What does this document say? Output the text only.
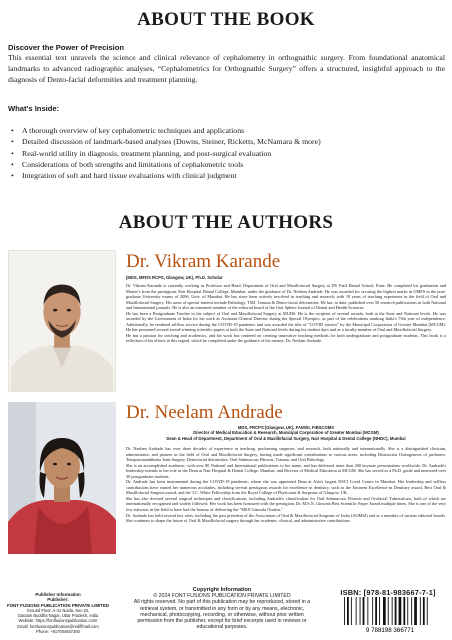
ABOUT THE BOOK
Discover the Power of Precision
This essential text unravels the science and clinical relevance of cephalometry in orthognathic surgery. From foundational anatomical landmarks to advanced radiographic analyses, “Cephalometrics for Orthognathic Surgery” offers a structured, insightful approach to the diagnosis of Dento-facial deformities and treatment planning.
What's Inside:
• A thorough overview of key cephalometric techniques and applications
• Detailed discussion of landmark-based analyses (Downs, Steiner, Ricketts, McNamara & more)
• Real-world utility in diagnosis, treatment planning, and post-surgical evaluation
• Considerations of both strengths and limitations of cephalometric tools
• Integration of soft and hard tissue evaluations with clinical judgment
ABOUT THE AUTHORS
Dr. Vikram Karande
(MDS, MFDS RCPS, Glasgow, UK), Ph.D. Scholar

Dr. Vikram Karande is currently working as Professor and Head, Department of Oral and Maxillofacial Surgery at DY Patil Dental School, Pune. He completed his graduation and Master's from the prestigious Nair Hospital Dental College, Mumbai, under the guidance of Dr. Neelam Andrade. He was awarded for securing the highest marks in OMFS in the post-graduate University exams of 2006, Univ. of Mumbai. He has since been actively involved in teaching and research, with 18 years of teaching experience in the field of Oral and Maxillofacial Surgery. His areas of special interest include Pathology, TMJ, Trauma & Dento-facial deformities. He has, to date, published over 50 research publications in both National and International journals. He is also an esteemed member of the editorial board of the Oral Sphere Journal of Dental and Health Sciences.

He has been a Postgraduate Teacher in the subject of Oral and Maxillofacial Surgery at MUHS. He is the recipient of several awards, both at the State and National levels. He was awarded by the Government of India for his work as Assistant Clinical Director during the Special Olympics, as part of the celebrations marking India's 75th year of independence. Additionally, he rendered selfless service during the COVID-19 pandemic and was awarded the title of "COVID warrior" by the Municipal Corporation of Greater Mumbai (MCGM). He has presented several award-winning scientific papers at both the State and National levels during his student days and as a faculty member of Oral and Maxillofacial Surgery.

He has a passion for teaching and academics, and his work has centered on creating innovative teaching methods for both undergraduate and postgraduate students. This book is a reflection of his efforts in this regard, which he completed under the guidance of his mentor, Dr. Neelam Andrade.

Dr. Neelam Andrade
MDS, FRCPS (Glasgow, UK), FAIMSI, FIBSCOMS
Director of Medical Education & Research, Municipal Corporation of Greater Mumbai (MCGM)
Dean & Head of Department, Department of Oral & Maxillofacial Surgery, Nair Hospital & Dental College (NHDC), Mumbai

Dr. Neelam Andrade has over three decades of experience in teaching, performing surgeries, and research, both nationally and internationally. She is a distinguished clinician, administrator, and pioneer in the field of Oral and Maxillofacial Surgery, having made significant contributions to various areas, including Distraction Osteogenesis of jawbones, Temporomandibular Joint Surgery, Dentofacial deformities, Oral Submucous Fibrosis, Trauma, and Oral Pathology.

She is an accomplished academic, with over 80 National and International publications to her name, and has delivered more than 200 keynote presentations worldwide. Dr. Andrade's leadership extends to her role as the Dean at Nair Hospital & Dental College, Mumbai, and Director of Medical Education at MCGM. She has served as a Ph.D. guide and mentored over 30 postgraduate students.

Dr. Andrade has been instrumental during the COVID-19 pandemic, where she was appointed Dean at Asia's largest NSCI Covid Centre in Mumbai. Her leadership and selfless contributions have earned her numerous accolades, including several prestigious awards for excellence in dentistry, such as the Eminent Excellence in Dentistry award, Best Oral & Maxillofacial Surgeon award, and the T.C. White Fellowship from the Royal College of Physicians & Surgeons of Glasgow, UK.

She has also devised several surgical techniques and classifications, including Andrade's classification for Oral Submucous Fibrosis and Orofacial Tuberculosis, both of which are internationally recognised and widely followed. Her work has been honoured with the prestigious Dr. M.S.N. Ginwala Best Scientific Paper Award multiple times. She is one of the very few stalwarts in the field to have had the honour of delivering the "MSN Ginwala Oration."

Dr. Andrade has held several key roles, including the past president of the Association of Oral & Maxillofacial Surgeons of India (AOMSI) and as a member of various editorial boards. She continues to shape the future of Oral & Maxillofacial surgery through her academic, clinical, and administrative contributions.

Publisher Information
Publisher:
FONT FUSIONS PUBLICATION PRIVATE LIMITED
Ground Floor, A-41 Noida, Sec-22,
Gautam Buddha Nagar, Uttar Pradesh, India
Website: https://fontfusionspublication.com/
Email: fontfusionspublication@rediffmail.com
Phone: +917004657260
Copyright Information
© 2024 FONT FUSIONS PUBLICATION PRIVATE LIMITED
All rights reserved. No part of this publication may be reproduced, stored in a
retrieval system, or transmitted in any form or by any means, electronic,
mechanical, photocopying, recording, or otherwise, without prior written
permission from the publisher, except for brief excerpts used in reviews or
educational purposes.
ISBN: [978-81-983667-7-1]
9 788198 366771
